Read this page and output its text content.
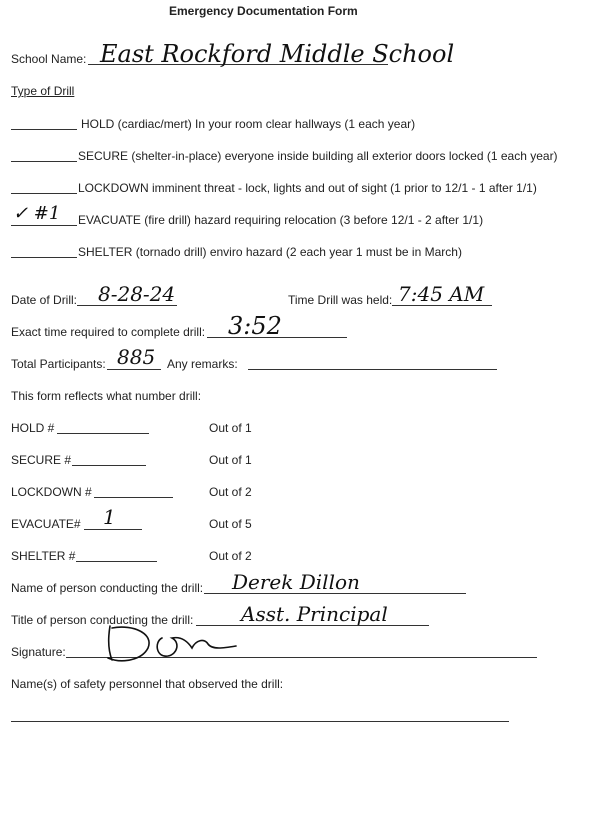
Emergency Documentation Form
School Name: East Rockford Middle School
Type of Drill
HOLD (cardiac/mert) In your room clear hallways (1 each year)
SECURE (shelter-in-place) everyone inside building all exterior doors locked (1 each year)
LOCKDOWN imminent threat - lock, lights and out of sight (1 prior to 12/1 - 1 after 1/1)
✓ #1 EVACUATE (fire drill) hazard requiring relocation (3 before 12/1 - 2 after 1/1)
SHELTER (tornado drill) enviro hazard (2 each year 1 must be in March)
Date of Drill: 8-28-24	Time Drill was held: 7:45 AM
Exact time required to complete drill: 3:52
Total Participants: 885 Any remarks:
This form reflects what number drill:
HOLD #	Out of 1
SECURE #	Out of 1
LOCKDOWN #	Out of 2
EVACUATE# 1	Out of 5
SHELTER #	Out of 2
Name of person conducting the drill: Derek Dillon
Title of person conducting the drill: Asst. Principal
Signature:
Name(s) of safety personnel that observed the drill:
